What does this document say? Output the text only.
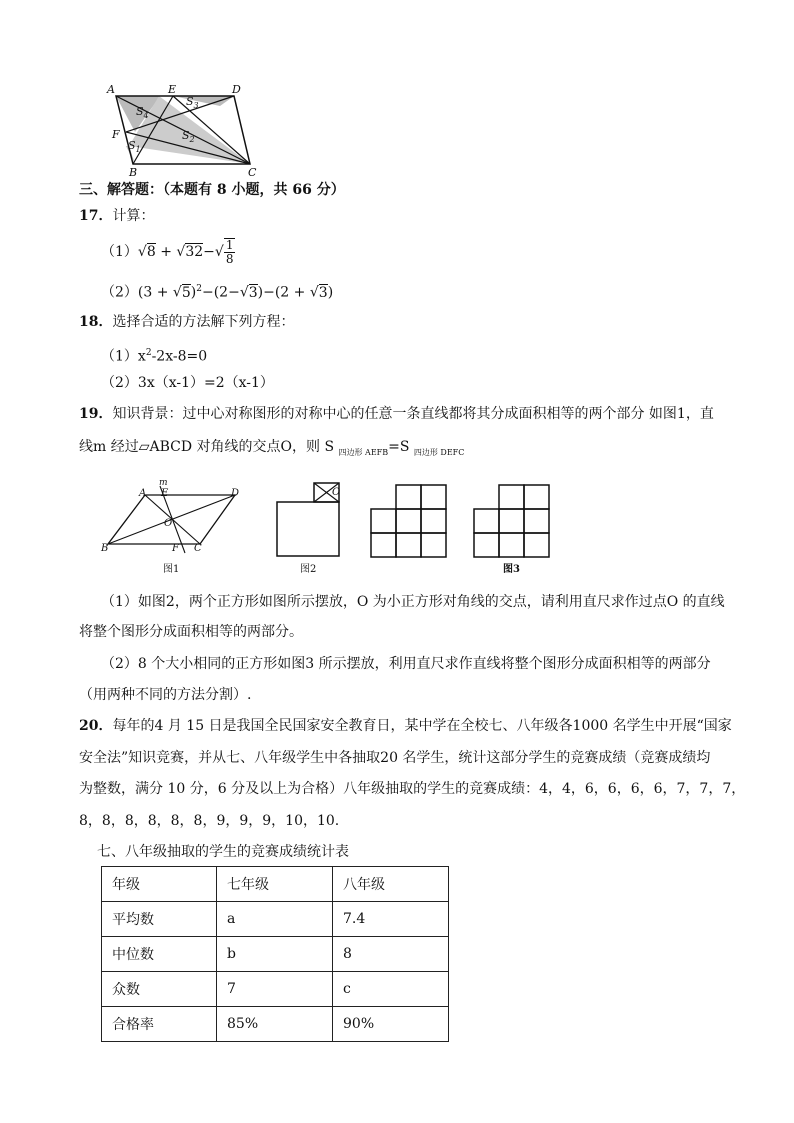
A	E	D
$S_4$
$S_3$
F	$S_2$
$S_1$
B	C
三、解答题：（本题有 8 小题，共 66 分）
17．计算：
$(1)√8 + √32-√ \frac{1}{8}$
$(2)(3 + √5)^2-(2-√3)-(2 + √3)$
18．选择合适的方法解下列方程：
$(1)x^2-2x-8=0$
（2）3x（x-1）=2（x-1）
19．知识背景：过中心对称图形的对称中心的任意一条直线都将其分成面积相等的两个部分 如图1，直
线m 经过▱ABCD 对角线的交点O，则 S $_{四边形 AEFB}$=S $_{四边形 DEFC}$
m
A E	D
O
B	F C
图1
O
图2	图3
（1）如图2，两个正方形如图所示摆放，O 为小正方形对角线的交点，请利用直尺求作过点O 的直线
将整个图形分成面积相等的两部分。
（2）8 个大小相同的正方形如图3 所示摆放，利用直尺求作直线将整个图形分成面积相等的两部分
（用两种不同的方法分割）.
20．每年的4 月 15 日是我国全民国家安全教育日，某中学在全校七、八年级各1000 名学生中开展“国家
安全法”知识竞赛，并从七、八年级学生中各抽取20 名学生，统计这部分学生的竞赛成绩（竞赛成绩均
为整数，满分 10 分，6 分及以上为合格）八年级抽取的学生的竞赛成绩：4，4，6，6，6，6，7，7，7，
8，8，8，8，8，8，9，9，9，10，10.
七、八年级抽取的学生的竞赛成绩统计表
年级	七年级	八年级
平均数	a	7.4
中位数	b	8
众数	7	c
合格率	85%	90%
